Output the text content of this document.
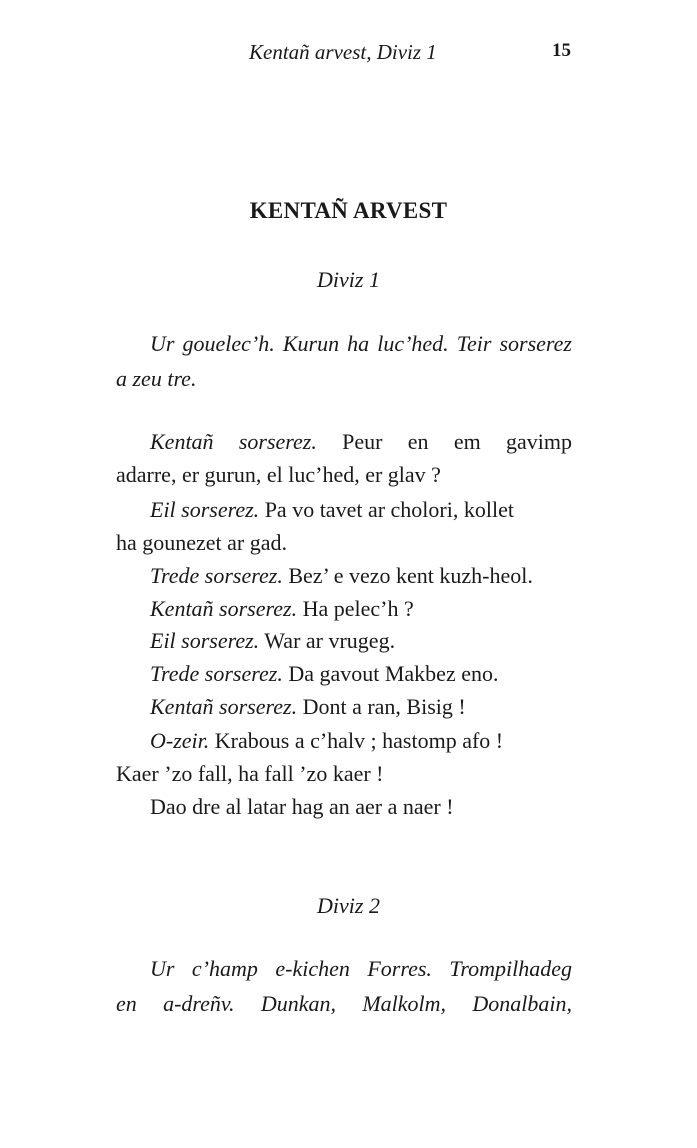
Kentañ arvest, Diviz 1	15
KENTAÑ ARVEST
Diviz 1
Ur gouelec’h. Kurun ha luc’hed. Teir sorserez
a zeu tre.
Kentañ sorserez. Peur en em gavimp
adarre, er gurun, el luc’hed, er glav ?
Eil sorserez. Pa vo tavet ar cholori, kollet
ha gounezet ar gad.
Trede sorserez. Bez’ e vezo kent kuzh-heol.
Kentañ sorserez. Ha pelec’h ?
Eil sorserez. War ar vrugeg.
Trede sorserez. Da gavout Makbez eno.
Kentañ sorserez. Dont a ran, Bisig !
O-zeir. Krabous a c’halv ; hastomp afo !
Kaer ’zo fall, ha fall ’zo kaer !
Dao dre al latar hag an aer a naer !
Diviz 2
Ur c’hamp e-kichen Forres. Trompilhadeg
en a-dreñv. Dunkan, Malkolm, Donalbain,
